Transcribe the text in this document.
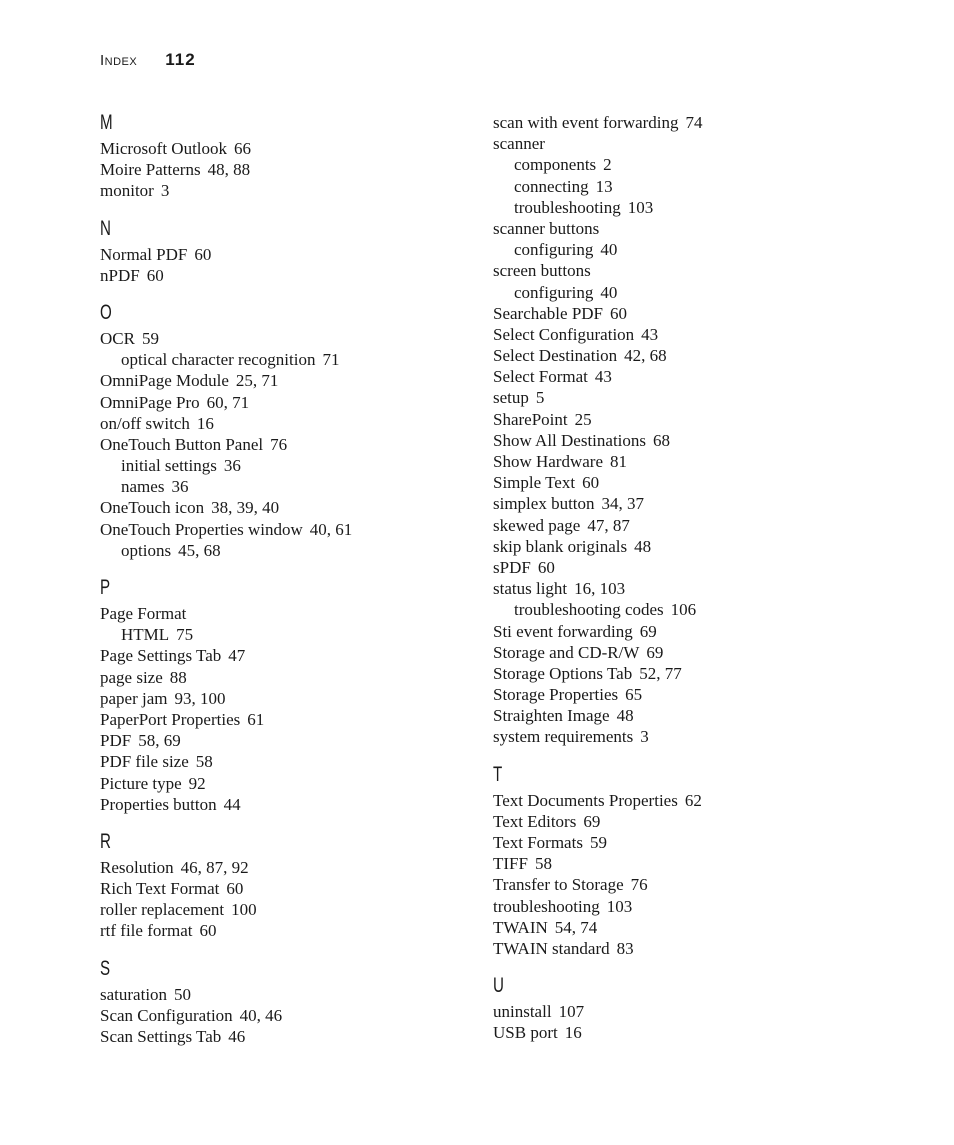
Index 112
M
Microsoft Outlook 66
Moire Patterns 48, 88
monitor 3
N
Normal PDF 60
nPDF 60
O
OCR 59
optical character recognition 71
OmniPage Module 25, 71
OmniPage Pro 60, 71
on/off switch 16
OneTouch Button Panel 76
initial settings 36
names 36
OneTouch icon 38, 39, 40
OneTouch Properties window 40, 61
options 45, 68
P
Page Format
HTML 75
Page Settings Tab 47
page size 88
paper jam 93, 100
PaperPort Properties 61
PDF 58, 69
PDF file size 58
Picture type 92
Properties button 44
R
Resolution 46, 87, 92
Rich Text Format 60
roller replacement 100
rtf file format 60
S
saturation 50
Scan Configuration 40, 46
Scan Settings Tab 46
scan with event forwarding 74
scanner
components 2
connecting 13
troubleshooting 103
scanner buttons
configuring 40
screen buttons
configuring 40
Searchable PDF 60
Select Configuration 43
Select Destination 42, 68
Select Format 43
setup 5
SharePoint 25
Show All Destinations 68
Show Hardware 81
Simple Text 60
simplex button 34, 37
skewed page 47, 87
skip blank originals 48
sPDF 60
status light 16, 103
troubleshooting codes 106
Sti event forwarding 69
Storage and CD-R/W 69
Storage Options Tab 52, 77
Storage Properties 65
Straighten Image 48
system requirements 3
T
Text Documents Properties 62
Text Editors 69
Text Formats 59
TIFF 58
Transfer to Storage 76
troubleshooting 103
TWAIN 54, 74
TWAIN standard 83
U
uninstall 107
USB port 16
